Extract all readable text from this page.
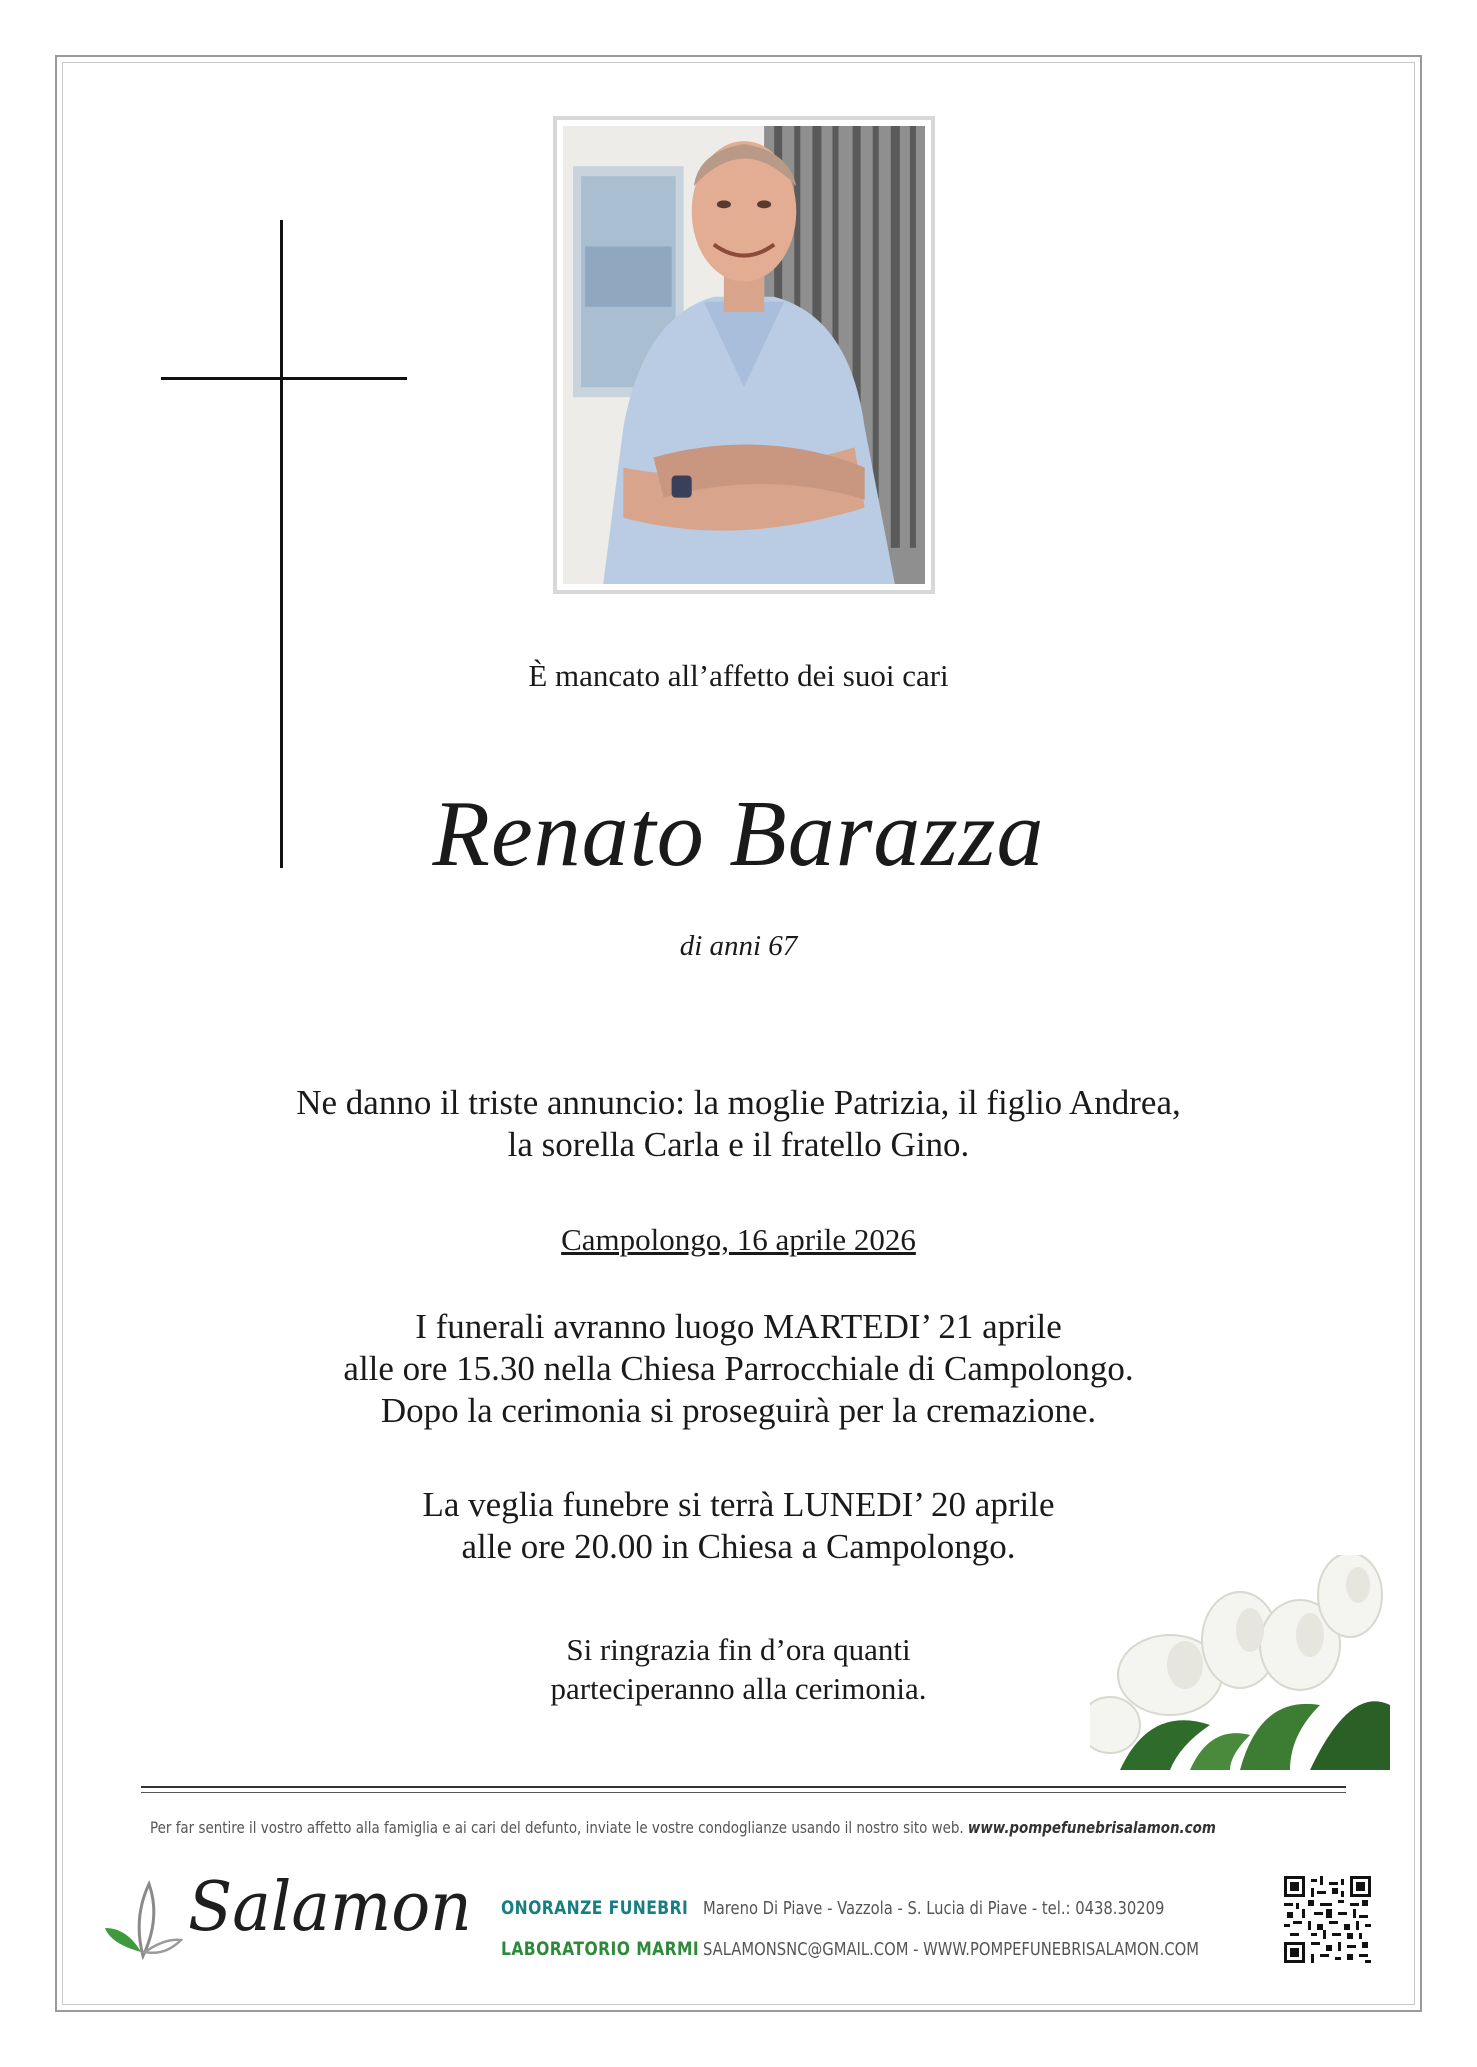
È mancato all’affetto dei suoi cari
Renato Barazza
di anni 67
Ne danno il triste annuncio: la moglie Patrizia, il figlio Andrea,
la sorella Carla e il fratello Gino.
Campolongo, 16 aprile 2026
I funerali avranno luogo MARTEDI’ 21 aprile
alle ore 15.30 nella Chiesa Parrocchiale di Campolongo.
Dopo la cerimonia si proseguirà per la cremazione.
La veglia funebre si terrà LUNEDI’ 20 aprile
alle ore 20.00 in Chiesa a Campolongo.
Si ringrazia fin d’ora quanti
parteciperanno alla cerimonia.
Per far sentire il vostro affetto alla famiglia e ai cari del defunto, inviate le vostre condoglianze usando il nostro sito web. www.pompefunebrisalamon.com
Salamon ONORANZE FUNEBRI
LABORATORIO MARMI
Mareno Di Piave - Vazzola - S. Lucia di Piave - tel.: 0438.30209
SALAMONSNC@GMAIL.COM - WWW.POMPEFUNEBRISALAMON.COM
